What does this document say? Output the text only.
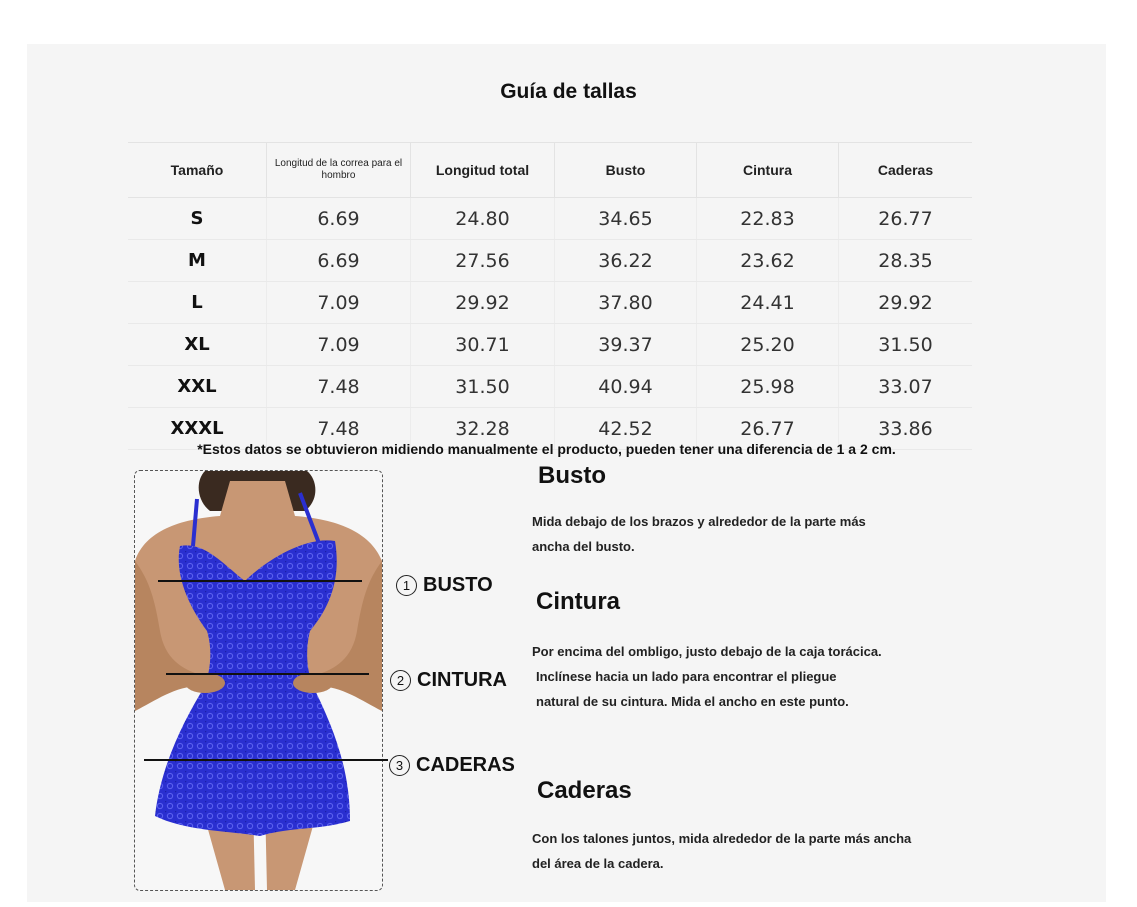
Guía de tallas
Tamaño	Longitud de la correa para el hombro	Longitud total	Busto	Cintura	Caderas
S	6.69	24.80	34.65	22.83	26.77
M	6.69	27.56	36.22	23.62	28.35
L	7.09	29.92	37.80	24.41	29.92
XL	7.09	30.71	39.37	25.20	31.50
XXL	7.48	31.50	40.94	25.98	33.07
XXXL	7.48	32.28	42.52	26.77	33.86
*Estos datos se obtuvieron midiendo manualmente el producto, pueden tener una diferencia de 1 a 2 cm.
1 BUSTO
2 CINTURA
3 CADERAS
Busto
Mida debajo de los brazos y alrededor de la parte más
ancha del busto.
Cintura
Por encima del ombligo, justo debajo de la caja torácica.
Inclínese hacia un lado para encontrar el pliegue
natural de su cintura. Mida el ancho en este punto.
Caderas
Con los talones juntos, mida alrededor de la parte más ancha
del área de la cadera.
